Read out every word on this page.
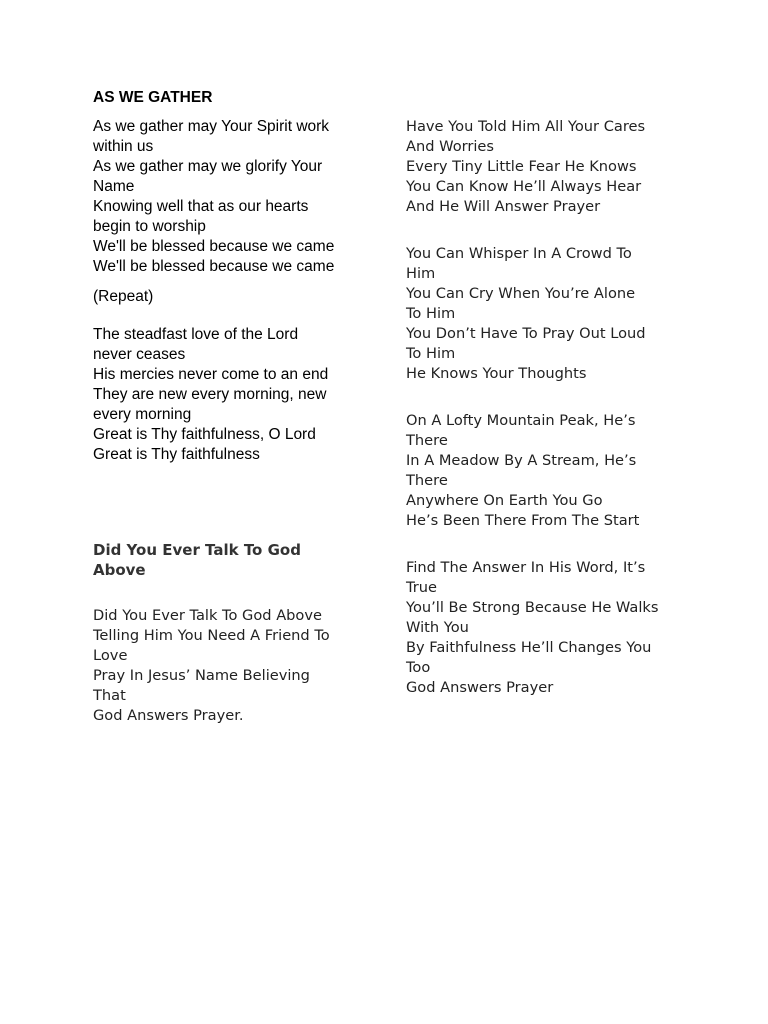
AS WE GATHER
As we gather may Your Spirit work
within us
As we gather may we glorify Your
Name
Knowing well that as our hearts
begin to worship
We'll be blessed because we came
We'll be blessed because we came
(Repeat)
The steadfast love of the Lord
never ceases
His mercies never come to an end
They are new every morning, new
every morning
Great is Thy faithfulness, O Lord
Great is Thy faithfulness
Did You Ever Talk To God
Above
Did You Ever Talk To God Above
Telling Him You Need A Friend To
Love
Pray In Jesus’ Name Believing
That
God Answers Prayer.
Have You Told Him All Your Cares
And Worries
Every Tiny Little Fear He Knows
You Can Know He’ll Always Hear
And He Will Answer Prayer
You Can Whisper In A Crowd To
Him
You Can Cry When You’re Alone
To Him
You Don’t Have To Pray Out Loud
To Him
He Knows Your Thoughts
On A Lofty Mountain Peak, He’s
There
In A Meadow By A Stream, He’s
There
Anywhere On Earth You Go
He’s Been There From The Start
Find The Answer In His Word, It’s
True
You’ll Be Strong Because He Walks
With You
By Faithfulness He’ll Changes You
Too
God Answers Prayer
